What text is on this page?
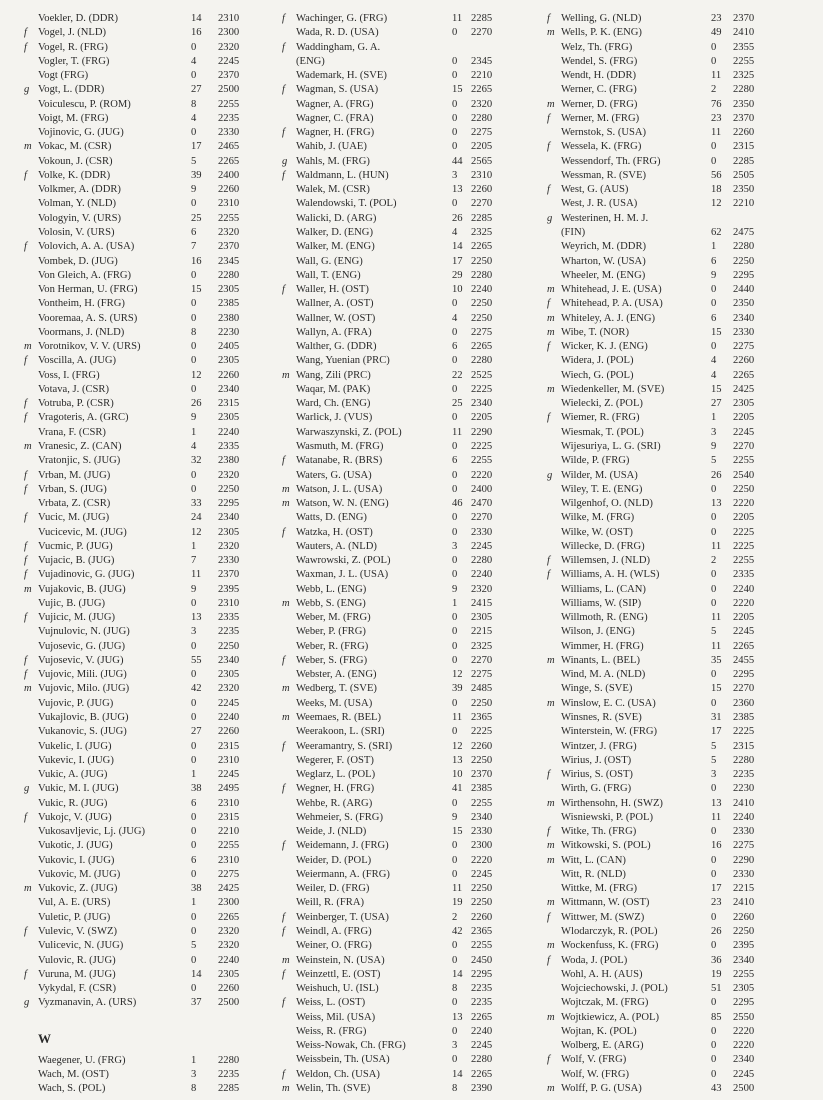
Voekler, D. (DDR)	14 2310
f Vogel, J. (NLD)	16 2300
f Vogel, R. (FRG)	0 2320
Vogler, T. (FRG)	4 2245
Vogt (FRG)	0 2370
g Vogt, L. (DDR)	27 2500
Voiculescu, P. (ROM)	8 2255
Voigt, M. (FRG)	4 2235
Vojinovic, G. (JUG)	0 2330
m Vokac, M. (CSR)	17 2465
Vokoun, J. (CSR)	5 2265
f Volke, K. (DDR)	39 2400
Volkmer, A. (DDR)	9 2260
Volman, Y. (NLD)	0 2310
Vologyin, V. (URS)	25 2255
Volosin, V. (URS)	6 2320
f Volovich, A. A. (USA)	7 2370
Vombek, D. (JUG)	16 2345
Von Gleich, A. (FRG)	0 2280
Von Herman, U. (FRG)	15 2305
Vontheim, H. (FRG)	0 2385
Vooremaa, A. S. (URS)	0 2380
Voormans, J. (NLD)	8 2230
m Vorotnikov, V. V. (URS)	0 2405
f Voscilla, A. (JUG)	0 2305
Voss, I. (FRG)	12 2260
Votava, J. (CSR)	0 2340
f Votruba, P. (CSR)	26 2315
f Vragoteris, A. (GRC)	9 2305
Vrana, F. (CSR)	1 2240
m Vranesic, Z. (CAN)	4 2335
Vratonjic, S. (JUG)	32 2380
f Vrban, M. (JUG)	0 2320
f Vrban, S. (JUG)	0 2250
Vrbata, Z. (CSR)	33 2295
f Vucic, M. (JUG)	24 2340
Vucicevic, M. (JUG)	12 2305
f Vucmic, P. (JUG)	1 2320
f Vujacic, B. (JUG)	7 2330
f Vujadinovic, G. (JUG)	11 2370
m Vujakovic, B. (JUG)	9 2395
Vujic, B. (JUG)	0 2310
f Vujicic, M. (JUG)	13 2335
Vujnulovic, N. (JUG)	3 2235
Vujosevic, G. (JUG)	0 2250
f Vujosevic, V. (JUG)	55 2340
f Vujovic, Mili. (JUG)	0 2305
m Vujovic, Milo. (JUG)	42 2320
Vujovic, P. (JUG)	0 2245
Vukajlovic, B. (JUG)	0 2240
Vukanovic, S. (JUG)	27 2260
Vukelic, I. (JUG)	0 2315
Vukevic, I. (JUG)	0 2310
Vukic, A. (JUG)	1 2245
g Vukic, M. I. (JUG)	38 2495
Vukic, R. (JUG)	6 2310
f Vukojc, V. (JUG)	0 2315
Vukosavljevic, Lj. (JUG)	0 2210
Vukotic, J. (JUG)	0 2255
Vukovic, I. (JUG)	6 2310
Vukovic, M. (JUG)	0 2275
m Vukovic, Z. (JUG)	38 2425
Vul, A. E. (URS)	1 2300
Vuletic, P. (JUG)	0 2265
f Vulevic, V. (SWZ)	0 2320
Vulicevic, N. (JUG)	5 2320
Vulovic, R. (JUG)	0 2240
f Vuruna, M. (JUG)	14 2305
Vykydal, F. (CSR)	0 2260
g Vyzmanavin, A. (URS)	37 2500
W
Waegener, U. (FRG)	1 2280
Wach, M. (OST)	3 2235
Wach, S. (POL)	8 2285
f Wachinger, G. (FRG)	11 2285
Wada, R. D. (USA)	0 2270
f Waddingham, G. A.
(ENG)	0 2345
Wademark, H. (SVE)	0 2210
f Wagman, S. (USA)	15 2265
Wagner, A. (FRG)	0 2320
Wagner, C. (FRA)	0 2280
f Wagner, H. (FRG)	0 2275
Wahib, J. (UAE)	0 2205
g Wahls, M. (FRG)	44 2565
f Waldmann, L. (HUN)	3 2310
Walek, M. (CSR)	13 2260
Walendowski, T. (POL)	0 2270
Walicki, D. (ARG)	26 2285
Walker, D. (ENG)	4 2325
Walker, M. (ENG)	14 2265
Wall, G. (ENG)	17 2250
Wall, T. (ENG)	29 2280
f Waller, H. (OST)	10 2240
Wallner, A. (OST)	0 2250
Wallner, W. (OST)	4 2250
Wallyn, A. (FRA)	0 2275
Walther, G. (DDR)	6 2265
Wang, Yuenian (PRC)	0 2280
m Wang, Zili (PRC)	22 2525
Waqar, M. (PAK)	0 2225
Ward, Ch. (ENG)	25 2340
Warlick, J. (VUS)	0 2205
Warwaszynski, Z. (POL)	11 2290
Wasmuth, M. (FRG)	0 2225
f Watanabe, R. (BRS)	6 2255
Waters, G. (USA)	0 2220
m Watson, J. L. (USA)	0 2400
m Watson, W. N. (ENG)	46 2470
Watts, D. (ENG)	0 2270
f Watzka, H. (OST)	0 2330
Wauters, A. (NLD)	3 2245
Wawrowski, Z. (POL)	0 2280
Waxman, J. L. (USA)	0 2240
Webb, L. (ENG)	9 2320
m Webb, S. (ENG)	1 2415
Weber, M. (FRG)	0 2305
Weber, P. (FRG)	0 2215
Weber, R. (FRG)	0 2325
f Weber, S. (FRG)	0 2270
Webster, A. (ENG)	12 2275
m Wedberg, T. (SVE)	39 2485
Weeks, M. (USA)	0 2250
m Weemaes, R. (BEL)	11 2365
Weerakoon, L. (SRI)	0 2225
f Weeramantry, S. (SRI)	12 2260
Wegerer, F. (OST)	13 2250
Weglarz, L. (POL)	10 2370
f Wegner, H. (FRG)	41 2385
Wehbe, R. (ARG)	0 2255
Wehmeier, S. (FRG)	9 2340
Weide, J. (NLD)	15 2330
f Weidemann, J. (FRG)	0 2300
Weider, D. (POL)	0 2220
Weiermann, A. (FRG)	0 2245
Weiler, D. (FRG)	11 2250
Weill, R. (FRA)	19 2250
f Weinberger, T. (USA)	2 2260
f Weindl, A. (FRG)	42 2365
Weiner, O. (FRG)	0 2255
m Weinstein, N. (USA)	0 2450
f Weinzettl, E. (OST)	14 2295
Weishuch, U. (ISL)	8 2235
f Weiss, L. (OST)	0 2235
Weiss, Mil. (USA)	13 2265
Weiss, R. (FRG)	0 2240
Weiss-Nowak, Ch. (FRG)	3 2245
Weissbein, Th. (USA)	0 2280
f Weldon, Ch. (USA)	14 2265
m Welin, Th. (SVE)	8 2390
f Welling, G. (NLD)	23 2370
m Wells, P. K. (ENG)	49 2410
Welz, Th. (FRG)	0 2355
Wendel, S. (FRG)	0 2255
Wendt, H. (DDR)	11 2325
Werner, C. (FRG)	2 2280
m Werner, D. (FRG)	76 2350
f Werner, M. (FRG)	23 2370
Wernstok, S. (USA)	11 2260
f Wessela, K. (FRG)	0 2315
Wessendorf, Th. (FRG)	0 2285
Wessman, R. (SVE)	56 2505
f West, G. (AUS)	18 2350
West, J. R. (USA)	12 2210
g Westerinen, H. M. J.
(FIN)	62 2475
Weyrich, M. (DDR)	1 2280
Wharton, W. (USA)	6 2250
Wheeler, M. (ENG)	9 2295
m Whitehead, J. E. (USA)	0 2440
f Whitehead, P. A. (USA)	0 2350
m Whiteley, A. J. (ENG)	6 2340
m Wibe, T. (NOR)	15 2330
f Wicker, K. J. (ENG)	0 2275
Widera, J. (POL)	4 2260
Wiech, G. (POL)	4 2265
m Wiedenkeller, M. (SVE)	15 2425
Wielecki, Z. (POL)	27 2305
f Wiemer, R. (FRG)	1 2205
Wiesmak, T. (POL)	3 2245
Wijesuriya, L. G. (SRI)	9 2270
Wilde, P. (FRG)	5 2255
g Wilder, M. (USA)	26 2540
Wiley, T. E. (ENG)	0 2250
Wilgenhof, O. (NLD)	13 2220
Wilke, M. (FRG)	0 2205
Wilke, W. (OST)	0 2225
Willecke, D. (FRG)	11 2225
f Willemsen, J. (NLD)	2 2255
f Williams, A. H. (WLS)	0 2335
Williams, L. (CAN)	0 2240
Williams, W. (SIP)	0 2220
Willmoth, R. (ENG)	11 2205
Wilson, J. (ENG)	5 2245
Wimmer, H. (FRG)	11 2265
m Winants, L. (BEL)	35 2455
Wind, M. A. (NLD)	0 2295
Winge, S. (SVE)	15 2270
m Winslow, E. C. (USA)	0 2360
Winsnes, R. (SVE)	31 2385
Winterstein, W. (FRG)	17 2225
Wintzer, J. (FRG)	5 2315
Wirius, J. (OST)	5 2280
f Wirius, S. (OST)	3 2235
Wirth, G. (FRG)	0 2230
m Wirthensohn, H. (SWZ)	13 2410
Wisniewski, P. (POL)	11 2240
f Witke, Th. (FRG)	0 2330
m Witkowski, S. (POL)	16 2275
m Witt, L. (CAN)	0 2290
Witt, R. (NLD)	0 2330
Wittke, M. (FRG)	17 2215
m Wittmann, W. (OST)	23 2410
f Wittwer, M. (SWZ)	0 2260
Wlodarczyk, R. (POL)	26 2250
m Wockenfuss, K. (FRG)	0 2395
f Woda, J. (POL)	36 2340
Wohl, A. H. (AUS)	19 2255
Wojciechowski, J. (POL)	51 2305
Wojtczak, M. (FRG)	0 2295
m Wojtkiewicz, A. (POL)	85 2550
Wojtan, K. (POL)	0 2220
Wolberg, E. (ARG)	0 2220
f Wolf, V. (FRG)	0 2340
Wolf, W. (FRG)	0 2245
m Wolff, P. G. (USA)	43 2500
